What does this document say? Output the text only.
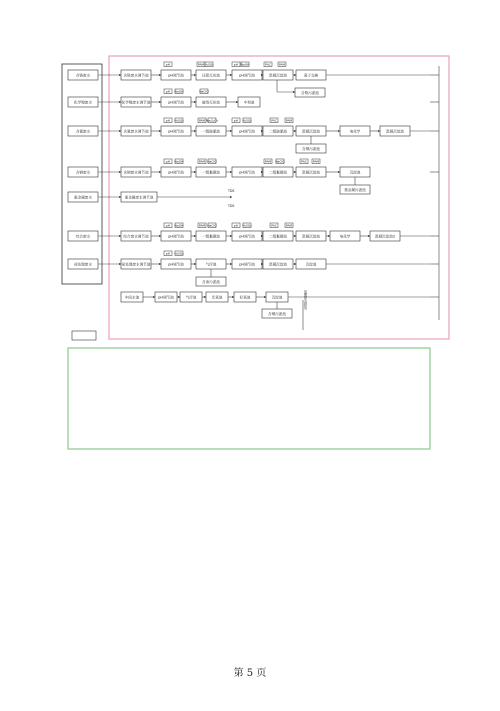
含铬废水
化学镍废水
含氰废水
含铜废水
重金属废水
综合废水
前处理废水
含铬废水调节池	pH调节池	还原反应池	pH调节池	混凝沉淀池	离子交换
pH	PAM H₂SO₄	pH NaOH	PAC	PAM
含铬污泥池
化学镍废水调节池	pH调节池	破络反应池
pH NaOH	NaClO
中和池
含氰废水调节池	pH调节池	一级破氰池	pH调节池	二级破氰池	混凝沉淀池	电化学	混凝沉淀池
pH H₂SO₄	PAM Na₂S₂O₅	pH H₂SO₄	PAC	PAM
含铜污泥池
含铜废水调节池	pH调节池	一级絮凝池	pH调节池	二级絮凝池	混凝沉淀池	沉淀池
pH NaOH	PAM NaClO	PAM NaClO	PAC PAM
重金属污泥池
重金属废水调节池
TDS
TDS
综合废水调节池	pH调节池	一级絮凝池	pH调节池	二级絮凝池	混凝沉淀池	电化学	混凝沉淀池2
pH NaOH	PAM NaClO	pH H₂SO₄	PAC	PAM
前处理废水调节池	pH调节池	气浮池	pH调节池	混凝沉淀池	沉淀池
pH H₂SO₄
含油污泥池
中间水池	pH调节池	气浮池	厌氧池	好氧池	沉淀池
含铜污泥池
电镀废水排放
第 5 页
